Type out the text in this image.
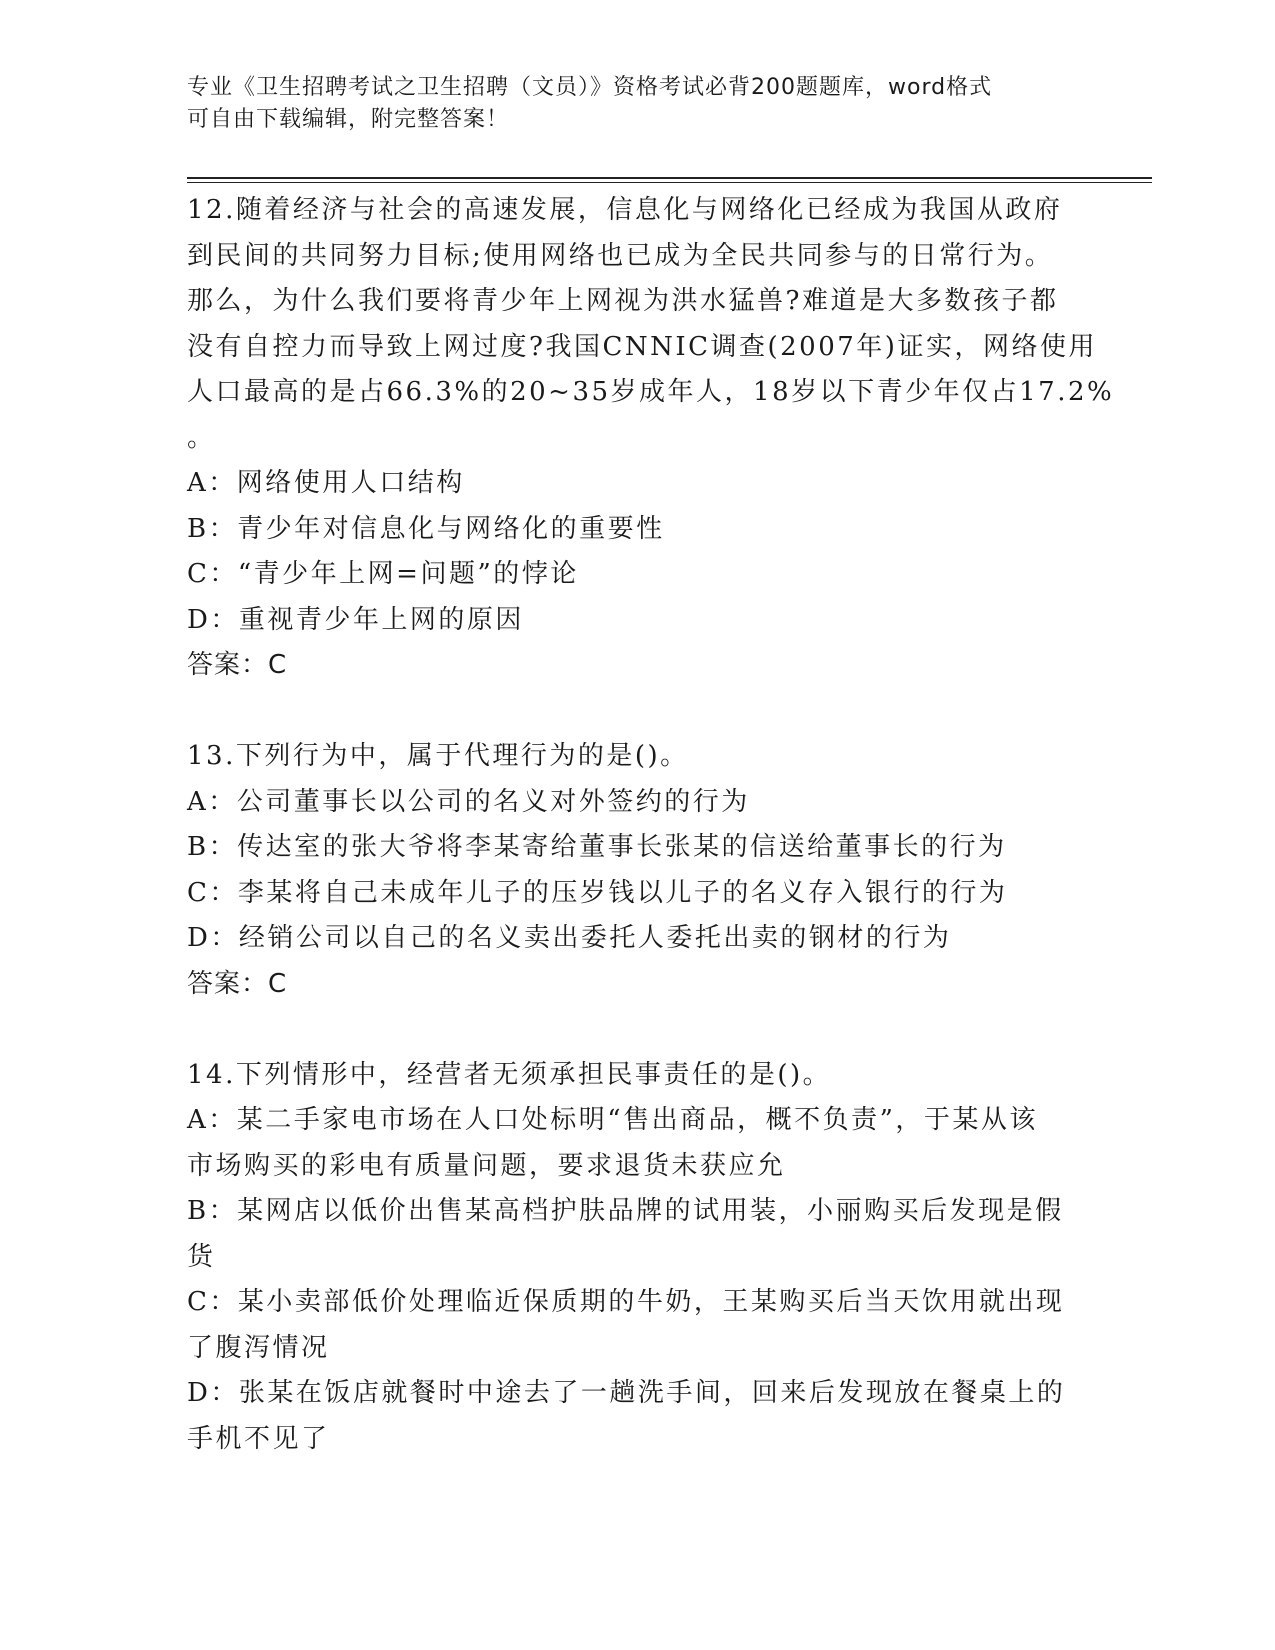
专业《卫生招聘考试之卫生招聘（文员）》资格考试必背200题题库，word格式
可自由下载编辑，附完整答案！
12.随着经济与社会的高速发展，信息化与网络化已经成为我国从政府
到民间的共同努力目标;使用网络也已成为全民共同参与的日常行为。
那么，为什么我们要将青少年上网视为洪水猛兽?难道是大多数孩子都
没有自控力而导致上网过度?我国CNNIC调查(2007年)证实，网络使用
人口最高的是占66.3%的20~35岁成年人，18岁以下青少年仅占17.2%
。
A：网络使用人口结构
B：青少年对信息化与网络化的重要性
C：“青少年上网=问题”的悖论
D：重视青少年上网的原因
答案：C
13.下列行为中，属于代理行为的是()。
A：公司董事长以公司的名义对外签约的行为
B：传达室的张大爷将李某寄给董事长张某的信送给董事长的行为
C：李某将自己未成年儿子的压岁钱以儿子的名义存入银行的行为
D：经销公司以自己的名义卖出委托人委托出卖的钢材的行为
答案：C
14.下列情形中，经营者无须承担民事责任的是()。
A：某二手家电市场在人口处标明“售出商品，概不负责”，于某从该
市场购买的彩电有质量问题，要求退货未获应允
B：某网店以低价出售某高档护肤品牌的试用装，小丽购买后发现是假
货
C：某小卖部低价处理临近保质期的牛奶，王某购买后当天饮用就出现
了腹泻情况
D：张某在饭店就餐时中途去了一趟洗手间，回来后发现放在餐桌上的
手机不见了
